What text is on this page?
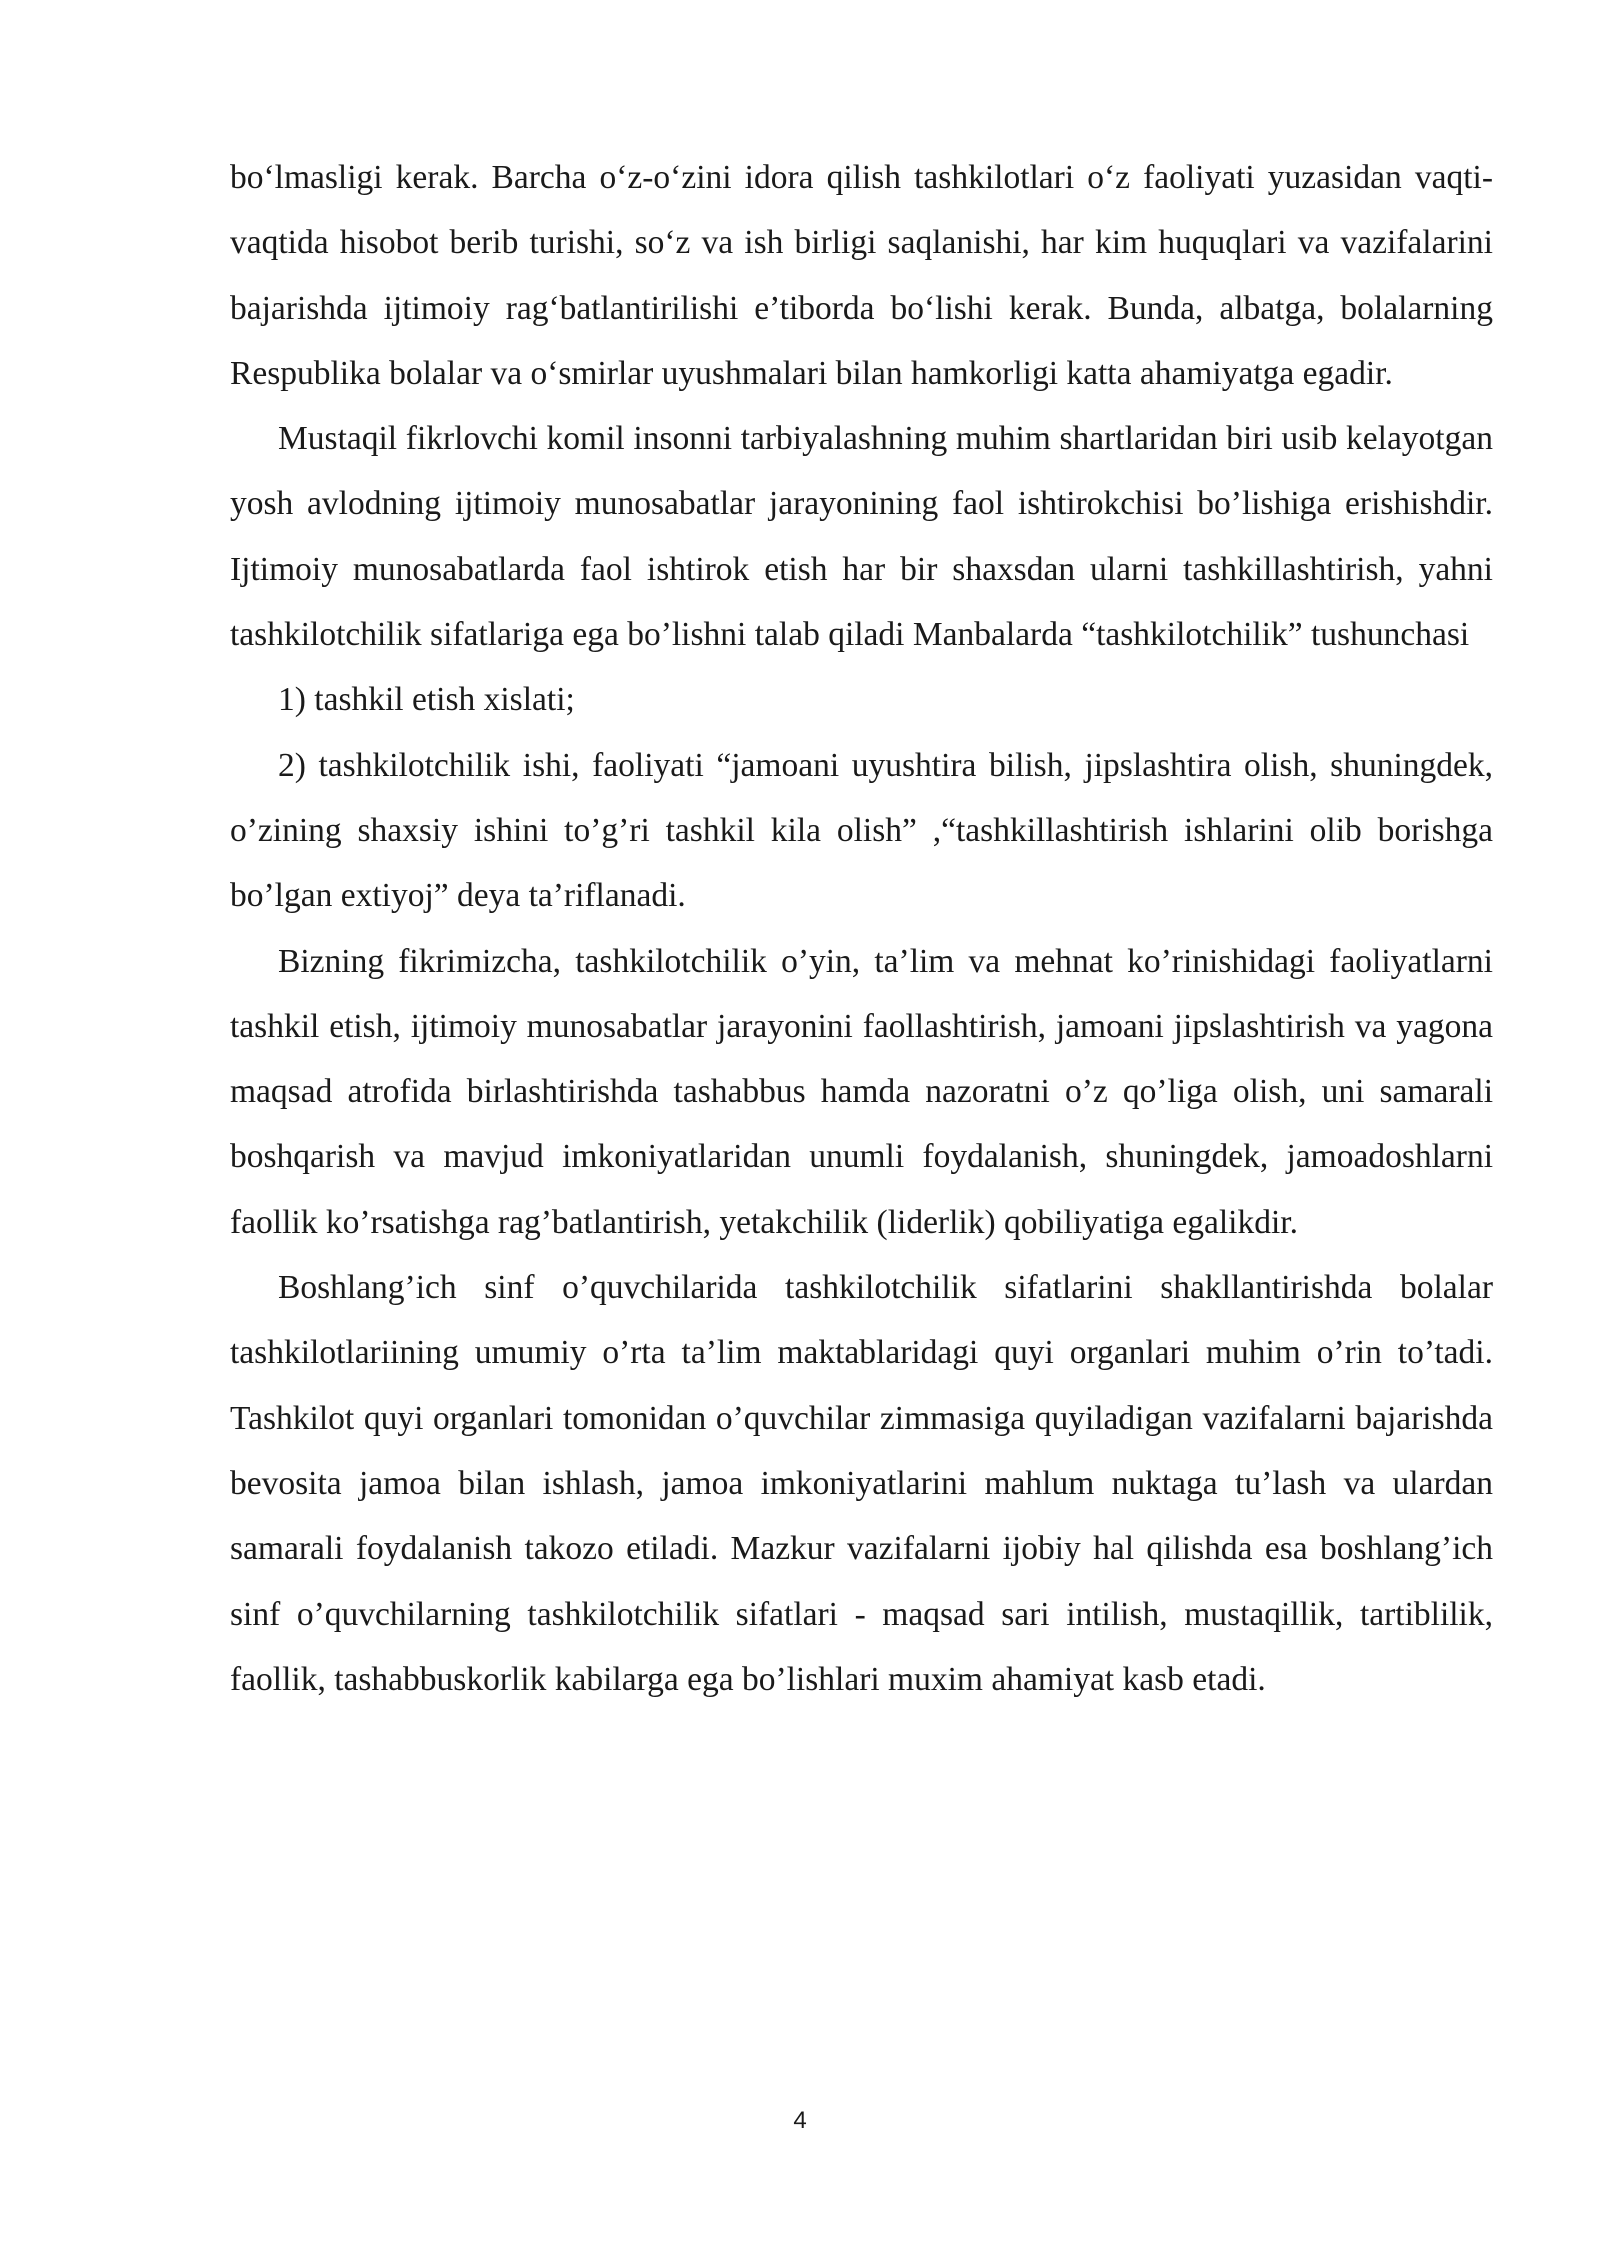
bo‘lmasligi kerak. Barcha o‘z-o‘zini idora qilish tashkilotlari o‘z faoliyati yuzasidan vaqti-vaqtida hisobot berib turishi, so‘z va ish birligi saqlanishi, har kim huquqlari va vazifalarini bajarishda ijtimoiy rag‘batlantirilishi e’tiborda bo‘lishi kerak. Bunda, albatga, bolalarning Respublika bolalar va o‘smirlar uyushmalari bilan hamkorligi katta ahamiyatga egadir.

Mustaqil fikrlovchi komil insonni tarbiyalashning muhim shartlaridan biri usib kelayotgan yosh avlodning ijtimoiy munosabatlar jarayonining faol ishtirokchisi bo’lishiga erishishdir. Ijtimoiy munosabatlarda faol ishtirok etish har bir shaxsdan ularni tashkillashtirish, yahni tashkilotchilik sifatlariga ega bo’lishni talab qiladi Manbalarda “tashkilotchilik” tushunchasi

1) tashkil etish xislati;

2) tashkilotchilik ishi, faoliyati “jamoani uyushtira bilish, jipslashtira olish, shuningdek, o’zining shaxsiy ishini to’g’ri tashkil kila olish” ,“tashkillashtirish ishlarini olib borishga bo’lgan extiyoj” deya ta’riflanadi.

Bizning fikrimizcha, tashkilotchilik o’yin, ta’lim va mehnat ko’rinishidagi faoliyatlarni tashkil etish, ijtimoiy munosabatlar jarayonini faollashtirish, jamoani jipslashtirish va yagona maqsad atrofida birlashtirishda tashabbus hamda nazoratni o’z qo’liga olish, uni samarali boshqarish va mavjud imkoniyatlaridan unumli foydalanish, shuningdek, jamoadoshlarni faollik ko’rsatishga rag’batlantirish, yetakchilik (liderlik) qobiliyatiga egalikdir.

Boshlang’ich sinf o’quvchilarida tashkilotchilik sifatlarini shakllantirishda bolalar tashkilotlariining umumiy o’rta ta’lim maktablaridagi quyi organlari muhim o’rin to’tadi. Tashkilot quyi organlari tomonidan o’quvchilar zimmasiga quyiladigan vazifalarni bajarishda bevosita jamoa bilan ishlash, jamoa imkoniyatlarini mahlum nuktaga tu’lash va ulardan samarali foydalanish takozo etiladi. Mazkur vazifalarni ijobiy hal qilishda esa boshlang’ich sinf o’quvchilarning tashkilotchilik sifatlari - maqsad sari intilish, mustaqillik, tartiblilik, faollik, tashabbuskorlik kabilarga ega bo’lishlari muxim ahamiyat kasb etadi.

4
